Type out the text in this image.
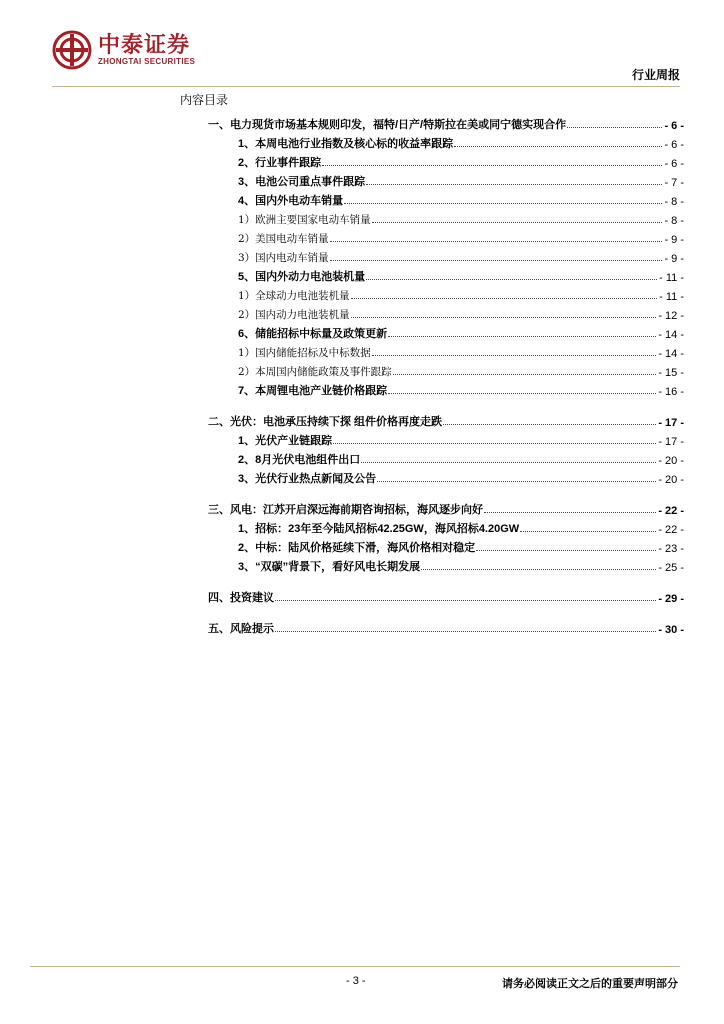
中泰证券
ZHONGTAI SECURITIES
行业周报
内容目录
一、电力现货市场基本规则印发，福特/日产/特斯拉在美或同宁德实现合作	- 6 -
1、本周电池行业指数及核心标的收益率跟踪	- 6 -
2、行业事件跟踪	- 6 -
3、电池公司重点事件跟踪	- 7 -
4、国内外电动车销量	- 8 -
1）欧洲主要国家电动车销量	- 8 -
2）美国电动车销量	- 9 -
3）国内电动车销量	- 9 -
5、国内外动力电池装机量	- 11 -
1）全球动力电池装机量	- 11 -
2）国内动力电池装机量	- 12 -
6、储能招标中标量及政策更新	- 14 -
1）国内储能招标及中标数据	- 14 -
2）本周国内储能政策及事件跟踪	- 15 -
7、本周锂电池产业链价格跟踪	- 16 -
二、光伏：电池承压持续下探 组件价格再度走跌	- 17 -
1、光伏产业链跟踪	- 17 -
2、8月光伏电池组件出口	- 20 -
3、光伏行业热点新闻及公告	- 20 -
三、风电：江苏开启深远海前期咨询招标，海风逐步向好	- 22 -
1、招标：23年至今陆风招标42.25GW，海风招标4.20GW	- 22 -
2、中标：陆风价格延续下滑，海风价格相对稳定	- 23 -
3、“双碳”背景下，看好风电长期发展	- 25 -
四、投资建议	- 29 -
五、风险提示	- 30 -
- 3 -	请务必阅读正文之后的重要声明部分
